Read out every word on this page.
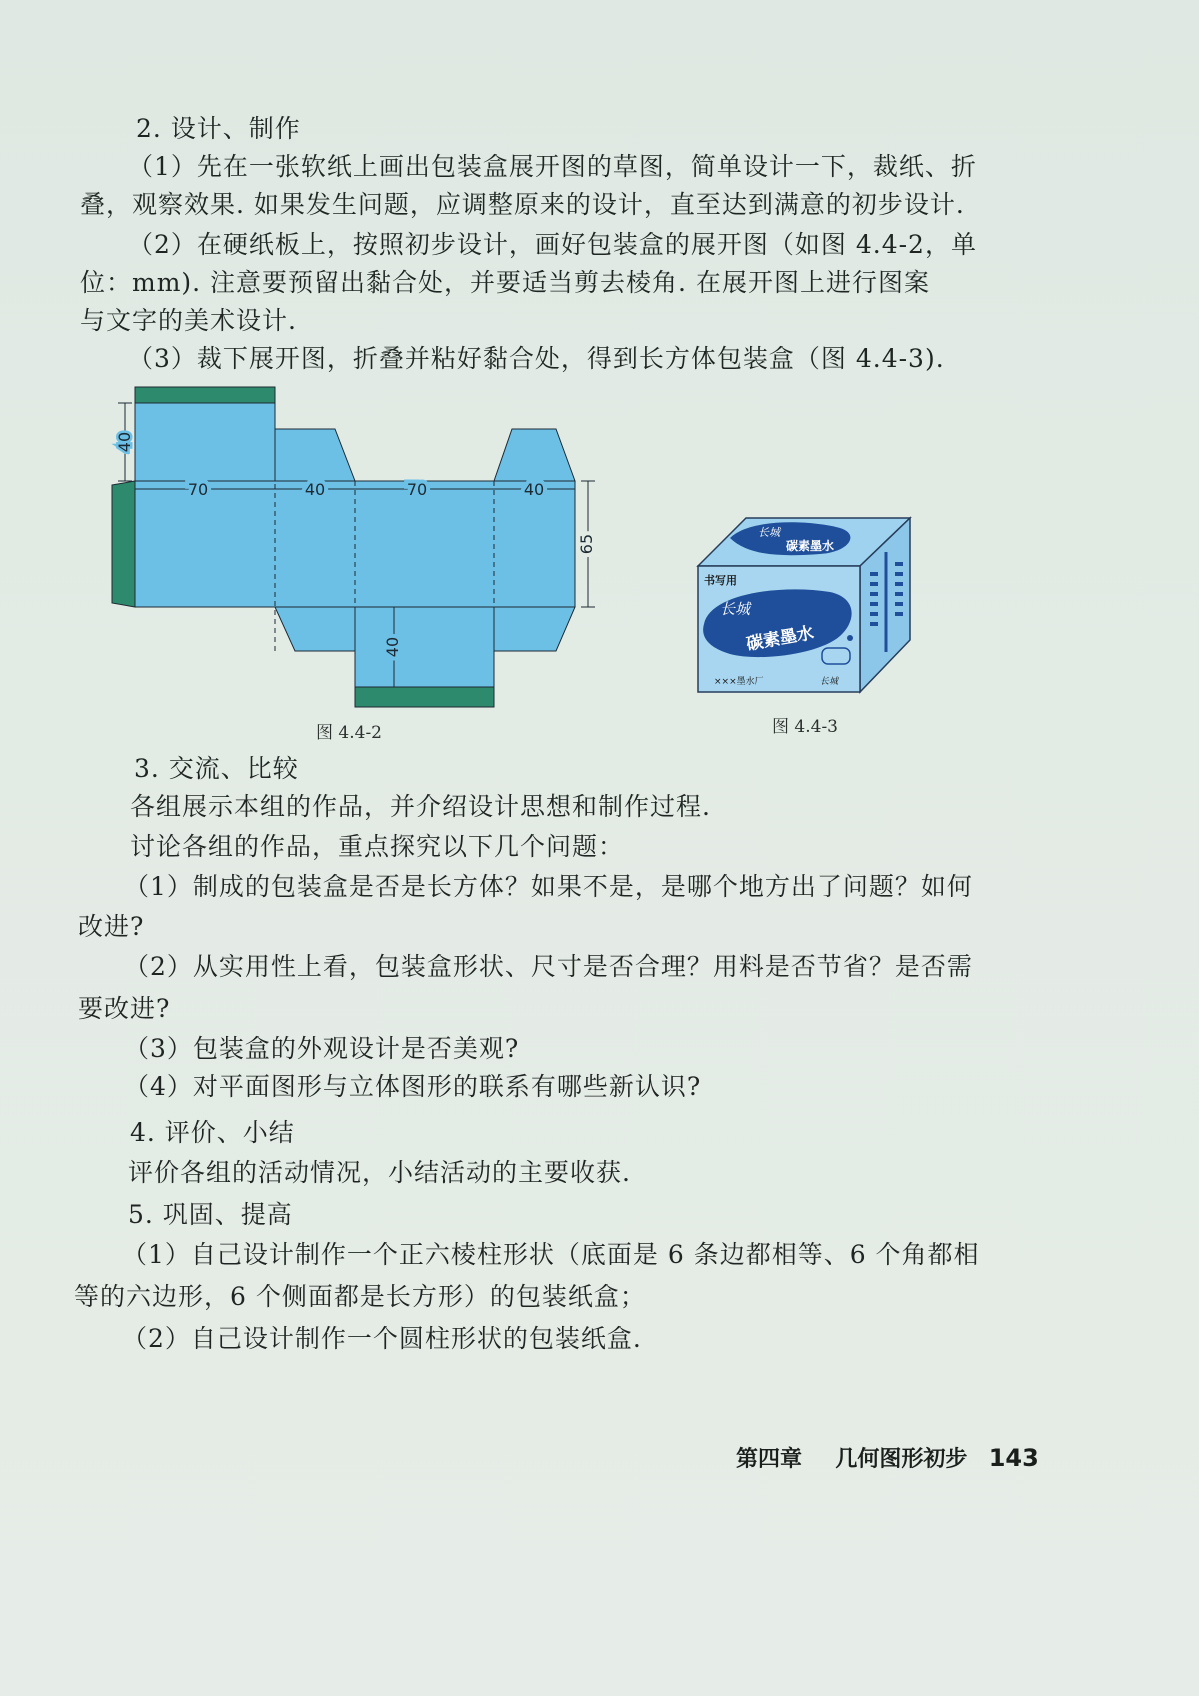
2. 设计、制作
（1）先在一张软纸上画出包装盒展开图的草图，简单设计一下，裁纸、折
叠，观察效果. 如果发生问题，应调整原来的设计，直至达到满意的初步设计.
（2）在硬纸板上，按照初步设计，画好包装盒的展开图（如图 4.4-2，单
位：mm). 注意要预留出黏合处，并要适当剪去棱角. 在展开图上进行图案
与文字的美术设计.
（3）裁下展开图，折叠并粘好黏合处，得到长方体包装盒（图 4.4-3).
40
70	40	70	40
65
40
图 4.4-2
长城
碳素墨水
书写用
长城
碳素墨水
×××墨水厂	长城
图 4.4-3
3. 交流、比较
各组展示本组的作品，并介绍设计思想和制作过程.
讨论各组的作品，重点探究以下几个问题：
（1）制成的包装盒是否是长方体？如果不是，是哪个地方出了问题？如何
改进?
（2）从实用性上看，包装盒形状、尺寸是否合理？用料是否节省？是否需
要改进?
（3）包装盒的外观设计是否美观?
（4）对平面图形与立体图形的联系有哪些新认识?
4. 评价、小结
评价各组的活动情况，小结活动的主要收获.
5. 巩固、提高
（1）自己设计制作一个正六棱柱形状（底面是 6 条边都相等、6 个角都相
等的六边形，6 个侧面都是长方形）的包装纸盒；
（2）自己设计制作一个圆柱形状的包装纸盒.
第四章 几何图形初步 143
